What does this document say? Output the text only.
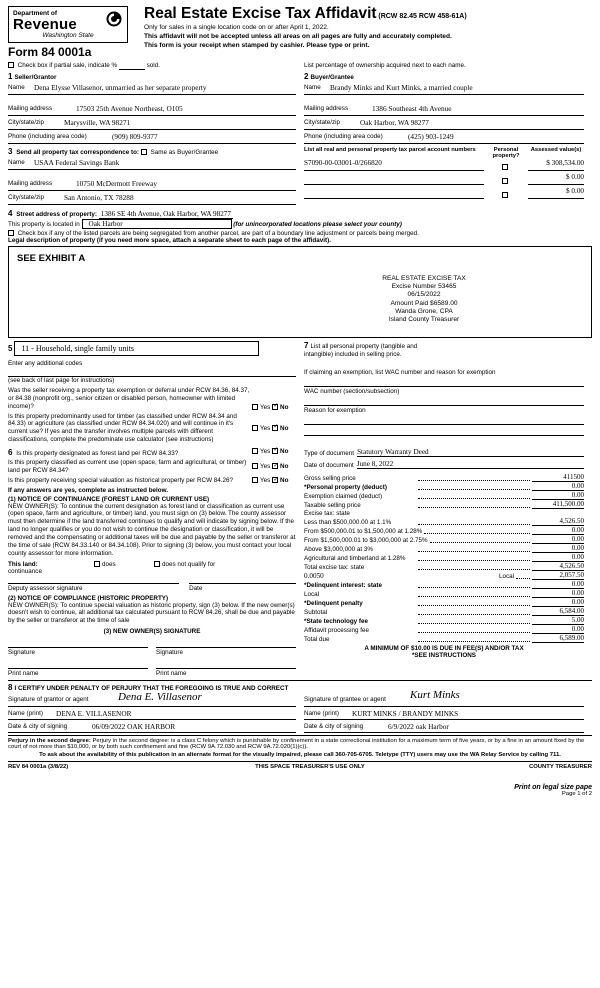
Department of
Revenue
Washington State
Form 84 0001a
Real Estate Excise Tax Affidavit (RCW 82.45 RCW 458-61A)
Only for sales in a single location code on or after April 1, 2022.
This affidavit will not be accepted unless all areas on all pages are fully and accurately completed.
This form is your receipt when stamped by cashier. Please type or print.
Check box if partial sale, indicate %	sold.	List percentage of ownership acquired next to each name.
1 Seller/Grantor
Name Dena Elysse Villasenor, unmarried as her separate property
Mailing address	17503 25th Avenue Northeast, O105
City/state/zip	Marysville, WA 98271
Phone (including area code)	(909) 809-9377
2 Buyer/Grantee
Name Brandy Minks and Kurt Minks, a married couple
Mailing address	1386 Southeast 4th Avenue
City/state/zip	Oak Harbor, WA 98277
Phone (including area code)	(425) 903-1249
3 Send all property tax correspondence to: Same as Buyer/Grantee
Name USAA Federal Savings Bank
Mailing address	10750 McDermott Freeway
City/state/zip	San Antonio, TX 78288
List all real and personal property tax parcel account numbers	Personal property?
Assessed value(s)
S7090-00-03001-0/266820	$ 308,534.00
$ 0.00
$ 0.00
4 Street address of property: 1386 SE 4th Avenue, Oak Harbor, WA 98277
This property is located in Oak Harbor	(for unincorporated locations please select your county)
Check box if any of the listed parcels are being segregated from another parcel, are part of a boundary line adjustment or parcels being merged.
Legal description of property (if you need more space, attach a separate sheet to each page of the affidavit).
SEE EXHIBIT A
REAL ESTATE EXCISE TAX
Excise Number 53465
06/15/2022
Amount Paid $6589.00
Wanda Grone, CPA
Island County Treasurer
5	11 - Household, single family units
Enter any additional codes
(see back of last page for instructions)
Was the seller receiving a property tax exemption or deferral under RCW 84.36, 84.37, or 84.38 (nonprofit org., senior citizen or disabled person, homeowner with limited income)?	Yes ✓ No
Is this property predominantly used for timber (as classified under RCW 84.34 and 84.33) or agriculture (as classified under RCW 84.34.020) and will continue in it's current use? If yes and the transfer involves multiple parcels with different classifications, complete the predominate use calculator (see instructions)
Yes ✓ No
7 List all personal property (tangible and intangible) included in selling price.
If claiming an exemption, list WAC number and reason for exemption
WAC number (section/subsection)
Reason for exemption
6 Is this property designated as forest land per RCW 84.33?	Yes ✓ No
Is this property classified as current use (open space, farm and agricultural, or timber) land per RCW 84.34?	Yes ✓ No
Is this property receiving special valuation as historical property per RCW 84.26?	Yes ✓ No
If any answers are yes, complete as instructed below.
(1) NOTICE OF CONTINUANCE (FOREST LAND OR CURRENT USE)
NEW OWNER(S): To continue the current designation as forest land or classification as current use (open space, farm and agriculture, or timber) land, you must sign on (3) below. The county assessor must then determine if the land transferred continues to qualify and will indicate by signing below. If the land no longer qualifies or you do not wish to continue the designation or classification, it will be removed and the compensating or additional taxes will be due and payable by the seller or transferor at the time of sale (RCW 84.33.140 or 84.34.108). Prior to signing (3) below, you must contact your local county assessor for more information.
This land:
continuance
does	does not qualify for
Deputy assessor signature	Date
(2) NOTICE OF COMPLIANCE (HISTORIC PROPERTY)
NEW OWNER(S): To continue special valuation as historic property, sign (3) below. If the new owner(s) doesn't wish to continue, all additional tax calculated pursuant to RCW 84.26, shall be due and payable by the seller or transferor at the time of sale
(3) NEW OWNER(S) SIGNATURE
Signature	Signature
Print name	Print name
Type of document Statutory Warranty Deed
Date of document June 8, 2022
Gross selling price	411500
*Personal property (deduct)	0.00
Exemption claimed (deduct)	0.00
Taxable selling price	411,500.00
Excise tax: state
Less than $500,000.00 at 1.1%	4,526.50
From $500,000.01 to $1,500,000 at 1.28%	0.00
From $1,500,000.01 to $3,000,000 at 2.75%	0.00
Above $3,000,000 at 3%	0.00
Agricultural and timberland at 1.28%	0.00
Total excise tax: state	4,526.50
0.0050	Local	2,057.50
*Delinquent interest: state	0.00
Local	0.00
*Delinquent penalty	0.00
Subtotal	6,584.00
*State technology fee	5.00
Affidavit processing fee	0.00
Total due	6,589.00
A MINIMUM OF $10.00 IS DUE IN FEE(S) AND/OR TAX
*SEE INSTRUCTIONS
8 I CERTIFY UNDER PENALTY OF PERJURY THAT THE FOREGOING IS TRUE AND CORRECT
Dena E. Villasenor
Signature of grantor or agent
Name (print) DENA E. VILLASENOR
Date & city of signing	06/09/2022 OAK HARBOR
Kurt Minks
Signature of grantee or agent
Name (print) KURT MINKS / BRANDY MINKS
Date & city of signing	6/9/2022 oak Harbor
Perjury in the second degree: Perjury in the second degree: is a class C felony which is punishable by confinement in a state correctional institution for a maximum term of five years, or by a fine in an amount fixed by the court of not more than $10,000, or by both such confinement and fine (RCW 9A.72.030 and RCW 9A.72.020(1)(c)).
To ask about the availability of this publication in an alternate format for the visually impaired, please call 360-705-6705. Teletype (TTY) users may use the WA Relay Service by calling 711.
REV 84 0001a (3/8/22)	THIS SPACE TREASURER'S USE ONLY	COUNTY TREASURER
Print on legal size pape
Page 1 of 2
